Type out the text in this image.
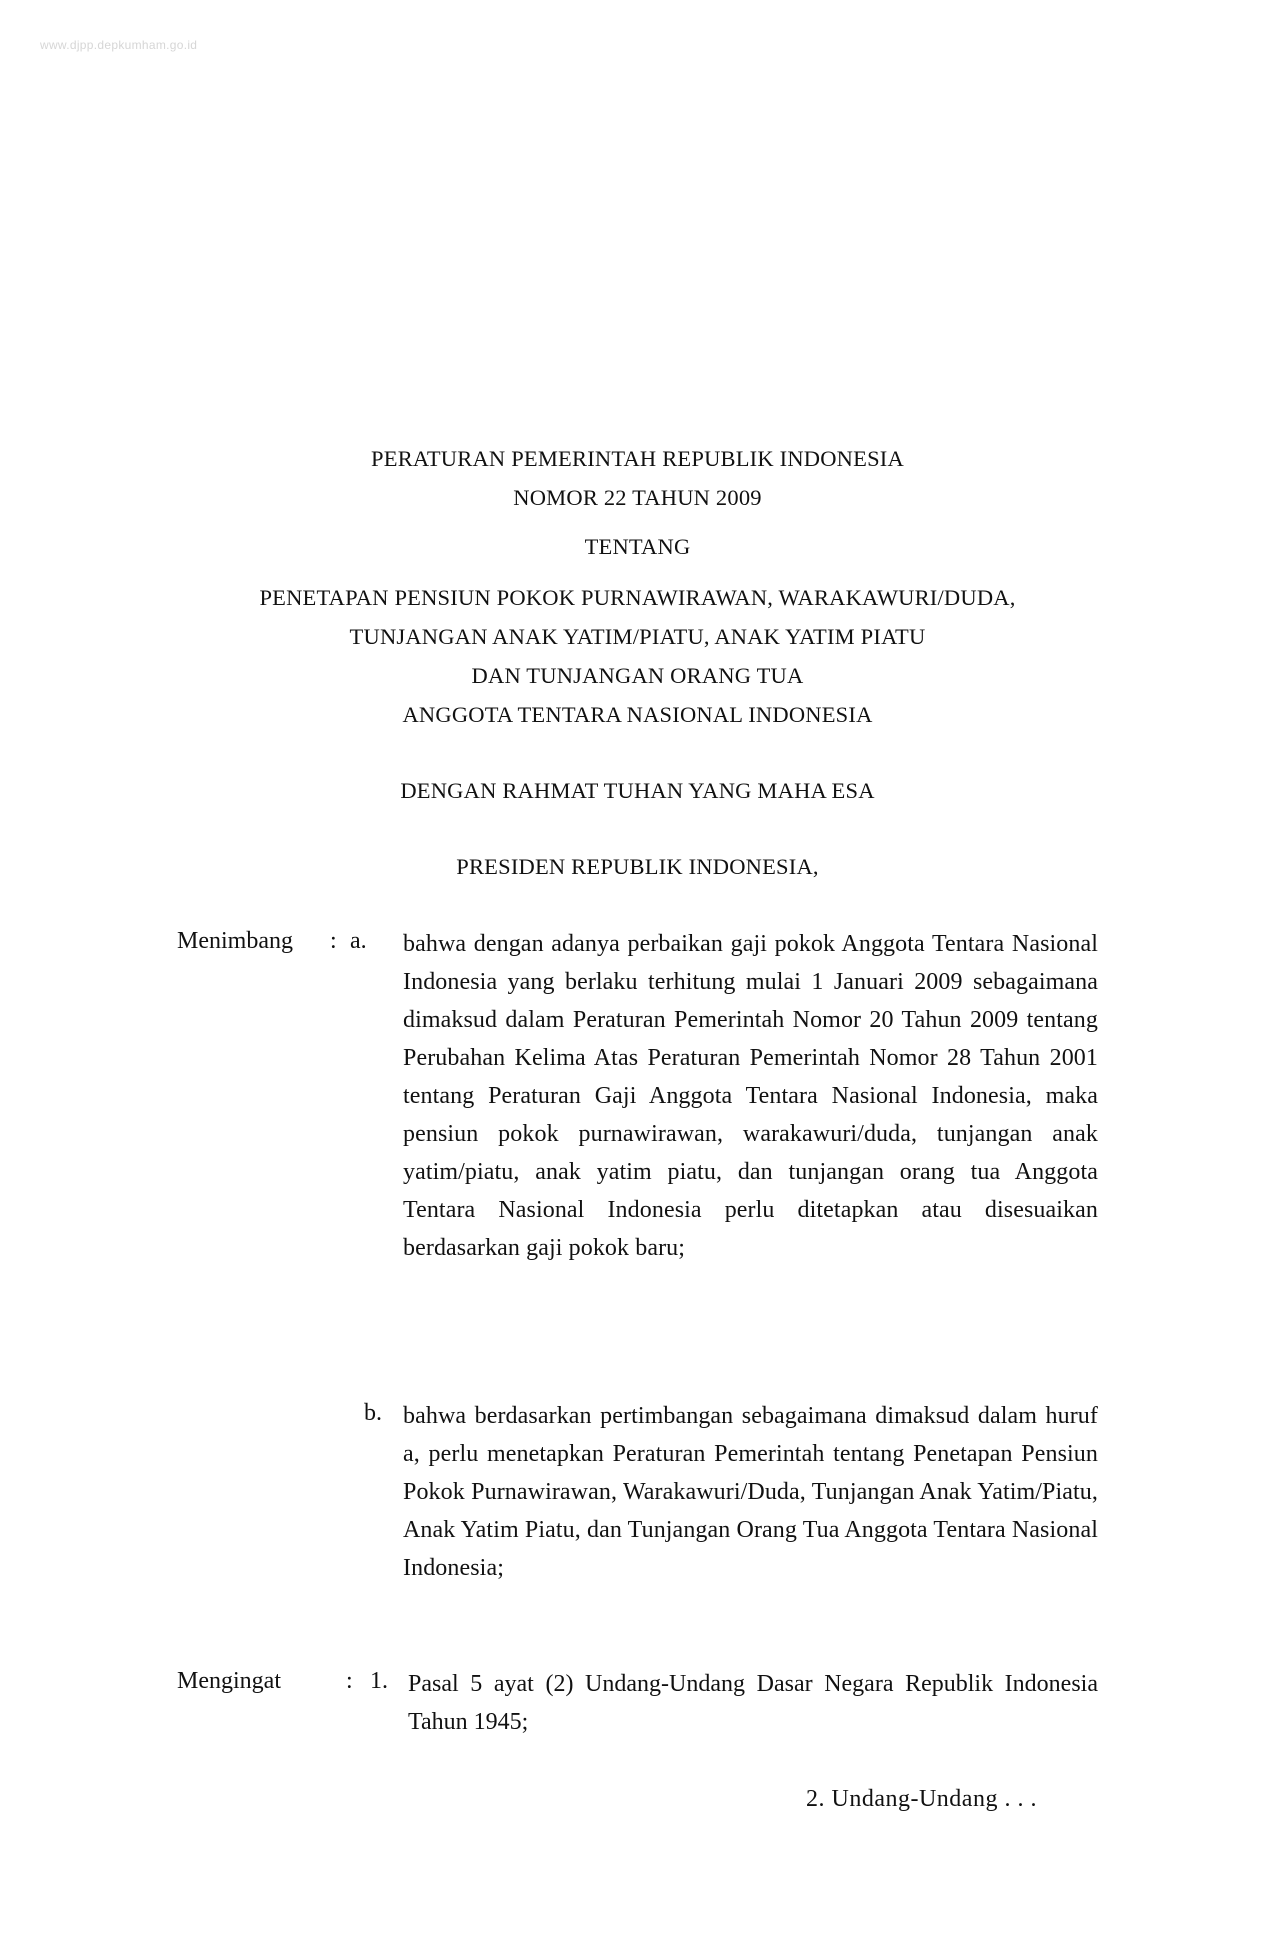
www.djpp.depkumham.go.id
PERATURAN PEMERINTAH REPUBLIK INDONESIA
NOMOR 22 TAHUN 2009
TENTANG
PENETAPAN PENSIUN POKOK PURNAWIRAWAN, WARAKAWURI/DUDA,
TUNJANGAN ANAK YATIM/PIATU, ANAK YATIM PIATU
DAN TUNJANGAN ORANG TUA
ANGGOTA TENTARA NASIONAL INDONESIA
DENGAN RAHMAT TUHAN YANG MAHA ESA
PRESIDEN REPUBLIK INDONESIA,
Menimbang : a. bahwa dengan adanya perbaikan gaji pokok Anggota Tentara Nasional Indonesia yang berlaku terhitung mulai 1 Januari 2009 sebagaimana dimaksud dalam Peraturan Pemerintah Nomor 20 Tahun 2009 tentang Perubahan Kelima Atas Peraturan Pemerintah Nomor 28 Tahun 2001 tentang Peraturan Gaji Anggota Tentara Nasional Indonesia, maka pensiun pokok purnawirawan, warakawuri/duda, tunjangan anak yatim/piatu, anak yatim piatu, dan tunjangan orang tua Anggota Tentara Nasional Indonesia perlu ditetapkan atau disesuaikan berdasarkan gaji pokok baru;
b. bahwa berdasarkan pertimbangan sebagaimana dimaksud dalam huruf a, perlu menetapkan Peraturan Pemerintah tentang Penetapan Pensiun Pokok Purnawirawan, Warakawuri/Duda, Tunjangan Anak Yatim/Piatu, Anak Yatim Piatu, dan Tunjangan Orang Tua Anggota Tentara Nasional Indonesia;
Mengingat	: 1. Pasal 5 ayat (2) Undang-Undang Dasar Negara Republik Indonesia Tahun 1945;
2. Undang-Undang . . .
